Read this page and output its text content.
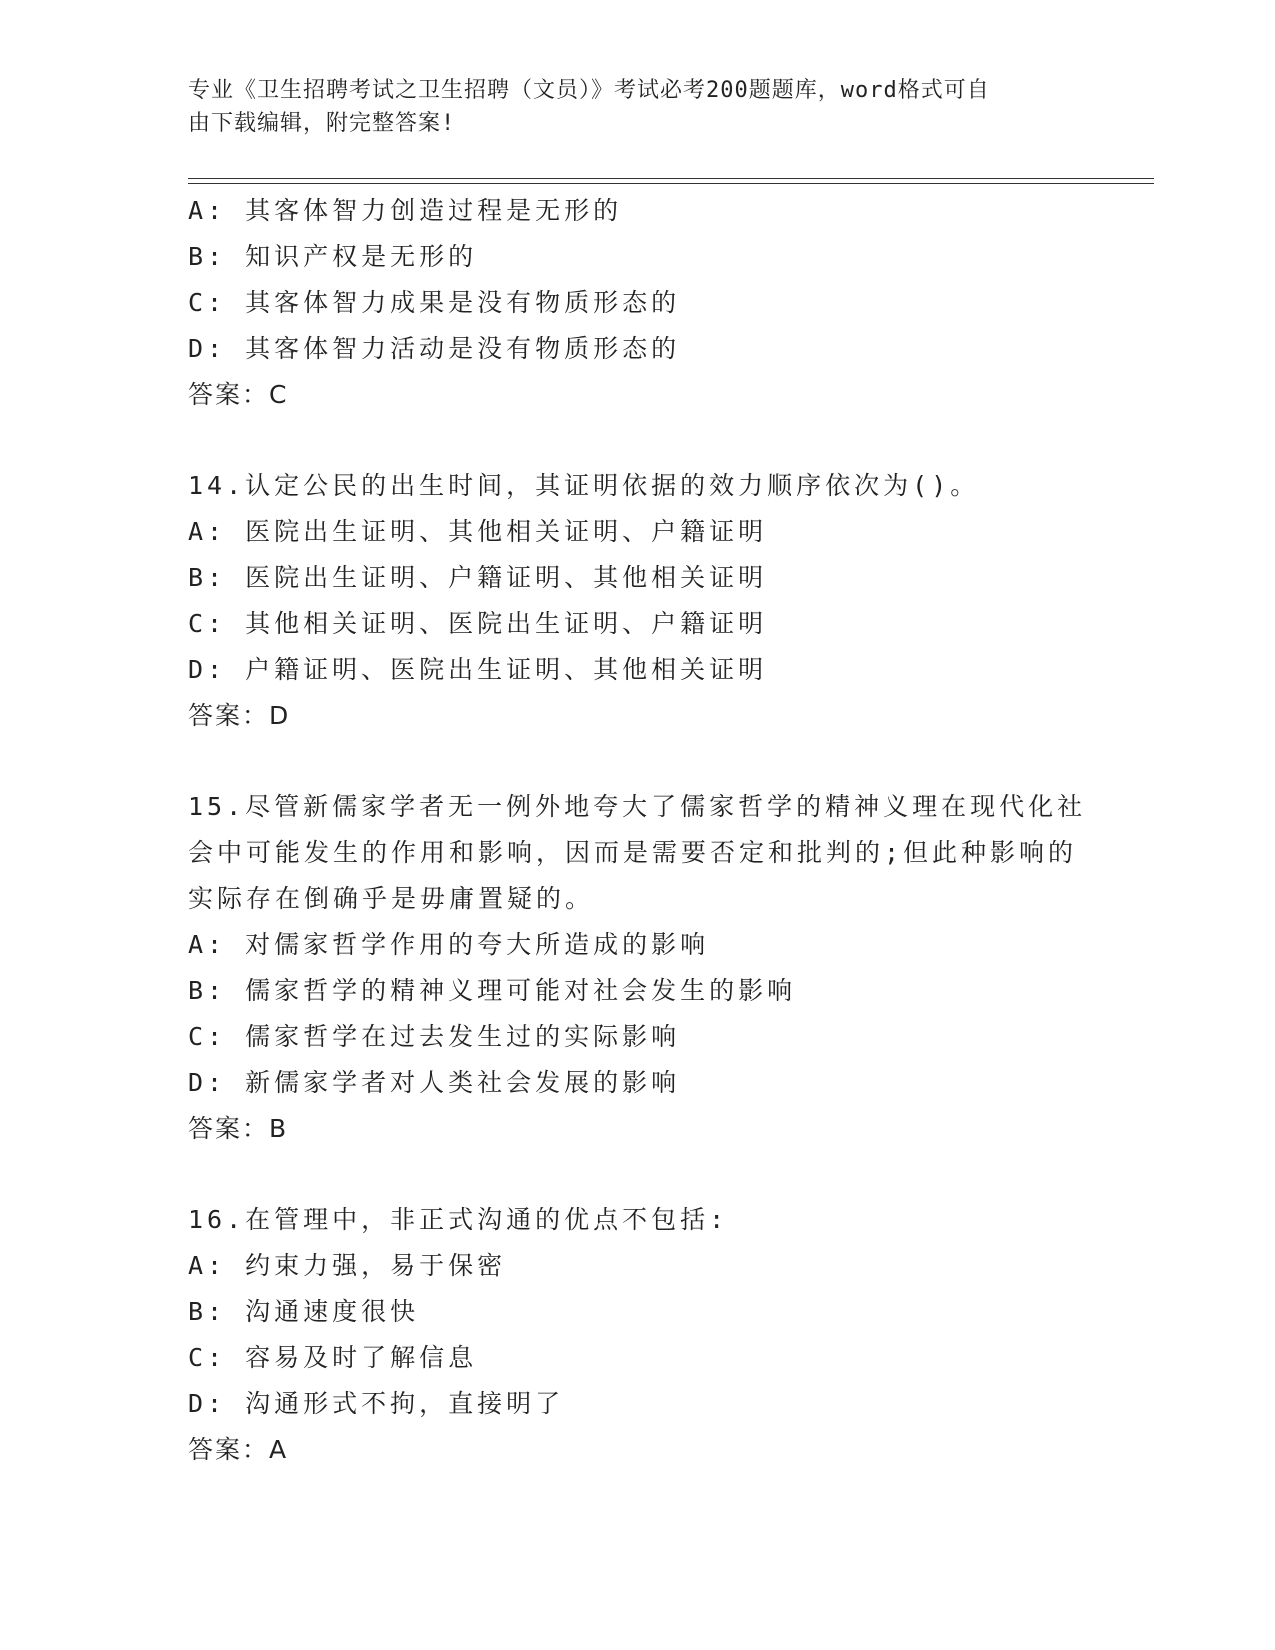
专业《卫生招聘考试之卫生招聘（文员）》考试必考200题题库，word格式可自
由下载编辑，附完整答案!
A: 其客体智力创造过程是无形的
B: 知识产权是无形的
C: 其客体智力成果是没有物质形态的
D: 其客体智力活动是没有物质形态的
答案：C
14.认定公民的出生时间，其证明依据的效力顺序依次为()。
A: 医院出生证明、其他相关证明、户籍证明
B: 医院出生证明、户籍证明、其他相关证明
C: 其他相关证明、医院出生证明、户籍证明
D: 户籍证明、医院出生证明、其他相关证明
答案：D
15.尽管新儒家学者无一例外地夸大了儒家哲学的精神义理在现代化社
会中可能发生的作用和影响，因而是需要否定和批判的;但此种影响的
实际存在倒确乎是毋庸置疑的。
A: 对儒家哲学作用的夸大所造成的影响
B: 儒家哲学的精神义理可能对社会发生的影响
C: 儒家哲学在过去发生过的实际影响
D: 新儒家学者对人类社会发展的影响
答案：B
16.在管理中，非正式沟通的优点不包括:
A: 约束力强，易于保密
B: 沟通速度很快
C: 容易及时了解信息
D: 沟通形式不拘，直接明了
答案：A
